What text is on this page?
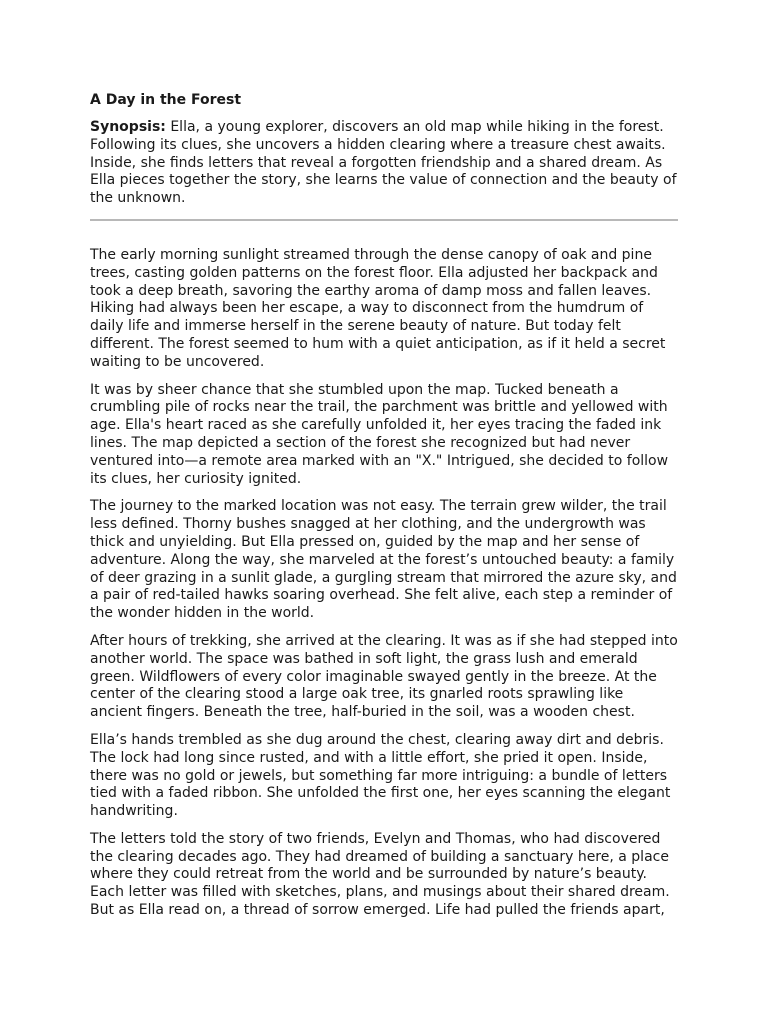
A Day in the Forest

Synopsis: Ella, a young explorer, discovers an old map while hiking in the forest. Following its clues, she uncovers a hidden clearing where a treasure chest awaits. Inside, she finds letters that reveal a forgotten friendship and a shared dream. As Ella pieces together the story, she learns the value of connection and the beauty of the unknown.

The early morning sunlight streamed through the dense canopy of oak and pine trees, casting golden patterns on the forest floor. Ella adjusted her backpack and took a deep breath, savoring the earthy aroma of damp moss and fallen leaves. Hiking had always been her escape, a way to disconnect from the humdrum of daily life and immerse herself in the serene beauty of nature. But today felt different. The forest seemed to hum with a quiet anticipation, as if it held a secret waiting to be uncovered.

It was by sheer chance that she stumbled upon the map. Tucked beneath a crumbling pile of rocks near the trail, the parchment was brittle and yellowed with age. Ella's heart raced as she carefully unfolded it, her eyes tracing the faded ink lines. The map depicted a section of the forest she recognized but had never ventured into—a remote area marked with an "X." Intrigued, she decided to follow its clues, her curiosity ignited.

The journey to the marked location was not easy. The terrain grew wilder, the trail less defined. Thorny bushes snagged at her clothing, and the undergrowth was thick and unyielding. But Ella pressed on, guided by the map and her sense of adventure. Along the way, she marveled at the forest’s untouched beauty: a family of deer grazing in a sunlit glade, a gurgling stream that mirrored the azure sky, and a pair of red-tailed hawks soaring overhead. She felt alive, each step a reminder of the wonder hidden in the world.

After hours of trekking, she arrived at the clearing. It was as if she had stepped into another world. The space was bathed in soft light, the grass lush and emerald green. Wildflowers of every color imaginable swayed gently in the breeze. At the center of the clearing stood a large oak tree, its gnarled roots sprawling like ancient fingers. Beneath the tree, half-buried in the soil, was a wooden chest.

Ella’s hands trembled as she dug around the chest, clearing away dirt and debris. The lock had long since rusted, and with a little effort, she pried it open. Inside, there was no gold or jewels, but something far more intriguing: a bundle of letters tied with a faded ribbon. She unfolded the first one, her eyes scanning the elegant handwriting.

The letters told the story of two friends, Evelyn and Thomas, who had discovered the clearing decades ago. They had dreamed of building a sanctuary here, a place where they could retreat from the world and be surrounded by nature’s beauty. Each letter was filled with sketches, plans, and musings about their shared dream. But as Ella read on, a thread of sorrow emerged. Life had pulled the friends apart,
